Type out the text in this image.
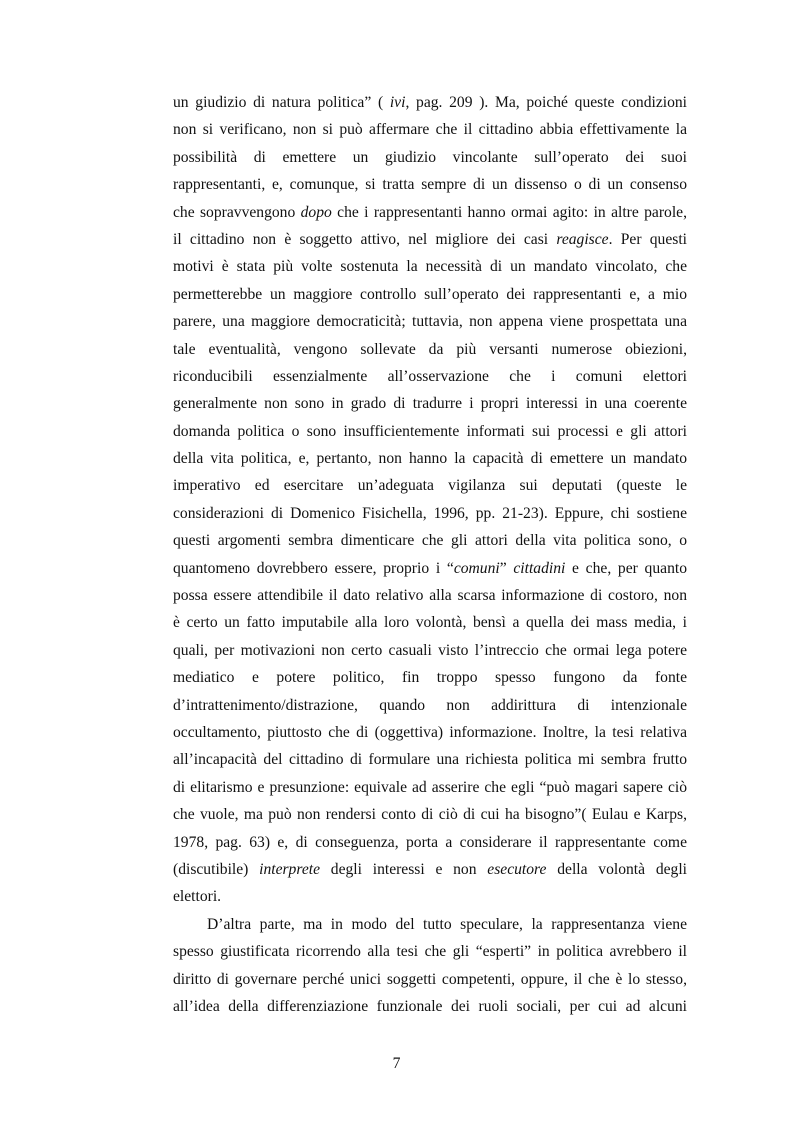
un giudizio di natura politica” ( ivi, pag. 209 ). Ma, poiché queste condizioni
non si verificano, non si può affermare che il cittadino abbia effettivamente la
possibilità di emettere un giudizio vincolante sull’operato dei suoi
rappresentanti, e, comunque, si tratta sempre di un dissenso o di un consenso
che sopravvengono dopo che i rappresentanti hanno ormai agito: in altre parole,
il cittadino non è soggetto attivo, nel migliore dei casi reagisce. Per questi
motivi è stata più volte sostenuta la necessità di un mandato vincolato, che
permetterebbe un maggiore controllo sull’operato dei rappresentanti e, a mio
parere, una maggiore democraticità; tuttavia, non appena viene prospettata una
tale eventualità, vengono sollevate da più versanti numerose obiezioni,
riconducibili essenzialmente all’osservazione che i comuni elettori
generalmente non sono in grado di tradurre i propri interessi in una coerente
domanda politica o sono insufficientemente informati sui processi e gli attori
della vita politica, e, pertanto, non hanno la capacità di emettere un mandato
imperativo ed esercitare un’adeguata vigilanza sui deputati (queste le
considerazioni di Domenico Fisichella, 1996, pp. 21-23). Eppure, chi sostiene
questi argomenti sembra dimenticare che gli attori della vita politica sono, o
quantomeno dovrebbero essere, proprio i “comuni” cittadini e che, per quanto
possa essere attendibile il dato relativo alla scarsa informazione di costoro, non
è certo un fatto imputabile alla loro volontà, bensì a quella dei mass media, i
quali, per motivazioni non certo casuali visto l’intreccio che ormai lega potere
mediatico e potere politico, fin troppo spesso fungono da fonte
d’intrattenimento/distrazione, quando non addirittura di intenzionale
occultamento, piuttosto che di (oggettiva) informazione. Inoltre, la tesi relativa
all’incapacità del cittadino di formulare una richiesta politica mi sembra frutto
di elitarismo e presunzione: equivale ad asserire che egli “può magari sapere ciò
che vuole, ma può non rendersi conto di ciò di cui ha bisogno”( Eulau e Karps,
1978, pag. 63) e, di conseguenza, porta a considerare il rappresentante come
(discutibile) interprete degli interessi e non esecutore della volontà degli
elettori.
D’altra parte, ma in modo del tutto speculare, la rappresentanza viene
spesso giustificata ricorrendo alla tesi che gli “esperti” in politica avrebbero il
diritto di governare perché unici soggetti competenti, oppure, il che è lo stesso,
all’idea della differenziazione funzionale dei ruoli sociali, per cui ad alcuni
7
